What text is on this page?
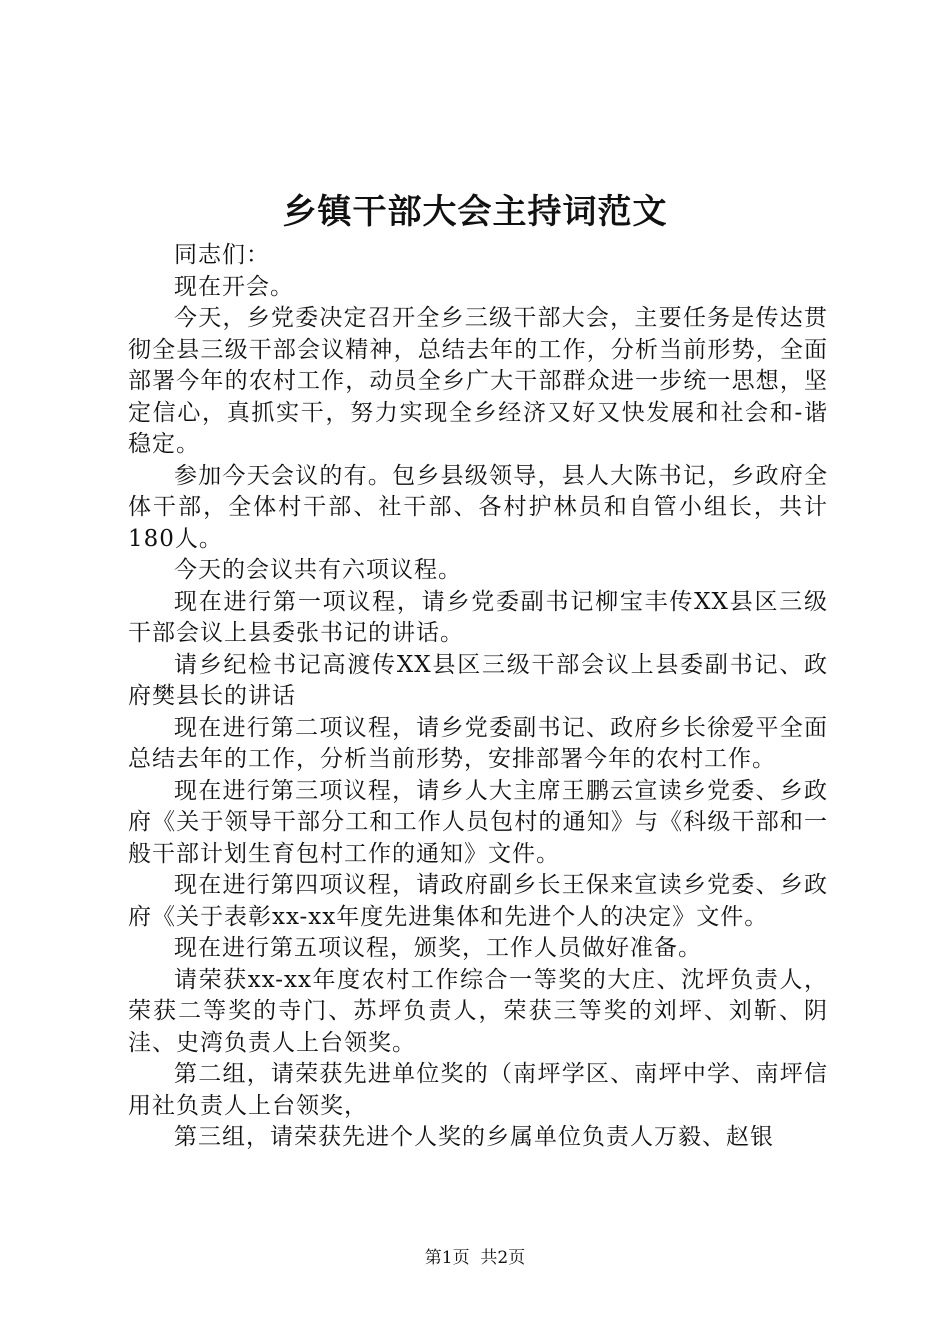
乡镇干部大会主持词范文

同志们：

现在开会。

今天，乡党委决定召开全乡三级干部大会，主要任务是传达贯彻全县三级干部会议精神，总结去年的工作，分析当前形势，全面部署今年的农村工作，动员全乡广大干部群众进一步统一思想，坚定信心，真抓实干，努力实现全乡经济又好又快发展和社会和-谐稳定。

参加今天会议的有。包乡县级领导，县人大陈书记，乡政府全体干部，全体村干部、社干部、各村护林员和自管小组长，共计180人。

今天的会议共有六项议程。

现在进行第一项议程，请乡党委副书记柳宝丰传XX县区三级干部会议上县委张书记的讲话。

请乡纪检书记高渡传XX县区三级干部会议上县委副书记、政府樊县长的讲话

现在进行第二项议程，请乡党委副书记、政府乡长徐爱平全面总结去年的工作，分析当前形势，安排部署今年的农村工作。

现在进行第三项议程，请乡人大主席王鹏云宣读乡党委、乡政府《关于领导干部分工和工作人员包村的通知》与《科级干部和一般干部计划生育包村工作的通知》文件。

现在进行第四项议程，请政府副乡长王保来宣读乡党委、乡政府《关于表彰xx-xx年度先进集体和先进个人的决定》文件。

现在进行第五项议程，颁奖，工作人员做好准备。

请荣获xx-xx年度农村工作综合一等奖的大庄、沈坪负责人，荣获二等奖的寺门、苏坪负责人，荣获三等奖的刘坪、刘靳、阴洼、史湾负责人上台领奖。

第二组，请荣获先进单位奖的（南坪学区、南坪中学、南坪信用社负责人上台领奖，

第三组，请荣获先进个人奖的乡属单位负责人万毅、赵银

第1页  共2页
